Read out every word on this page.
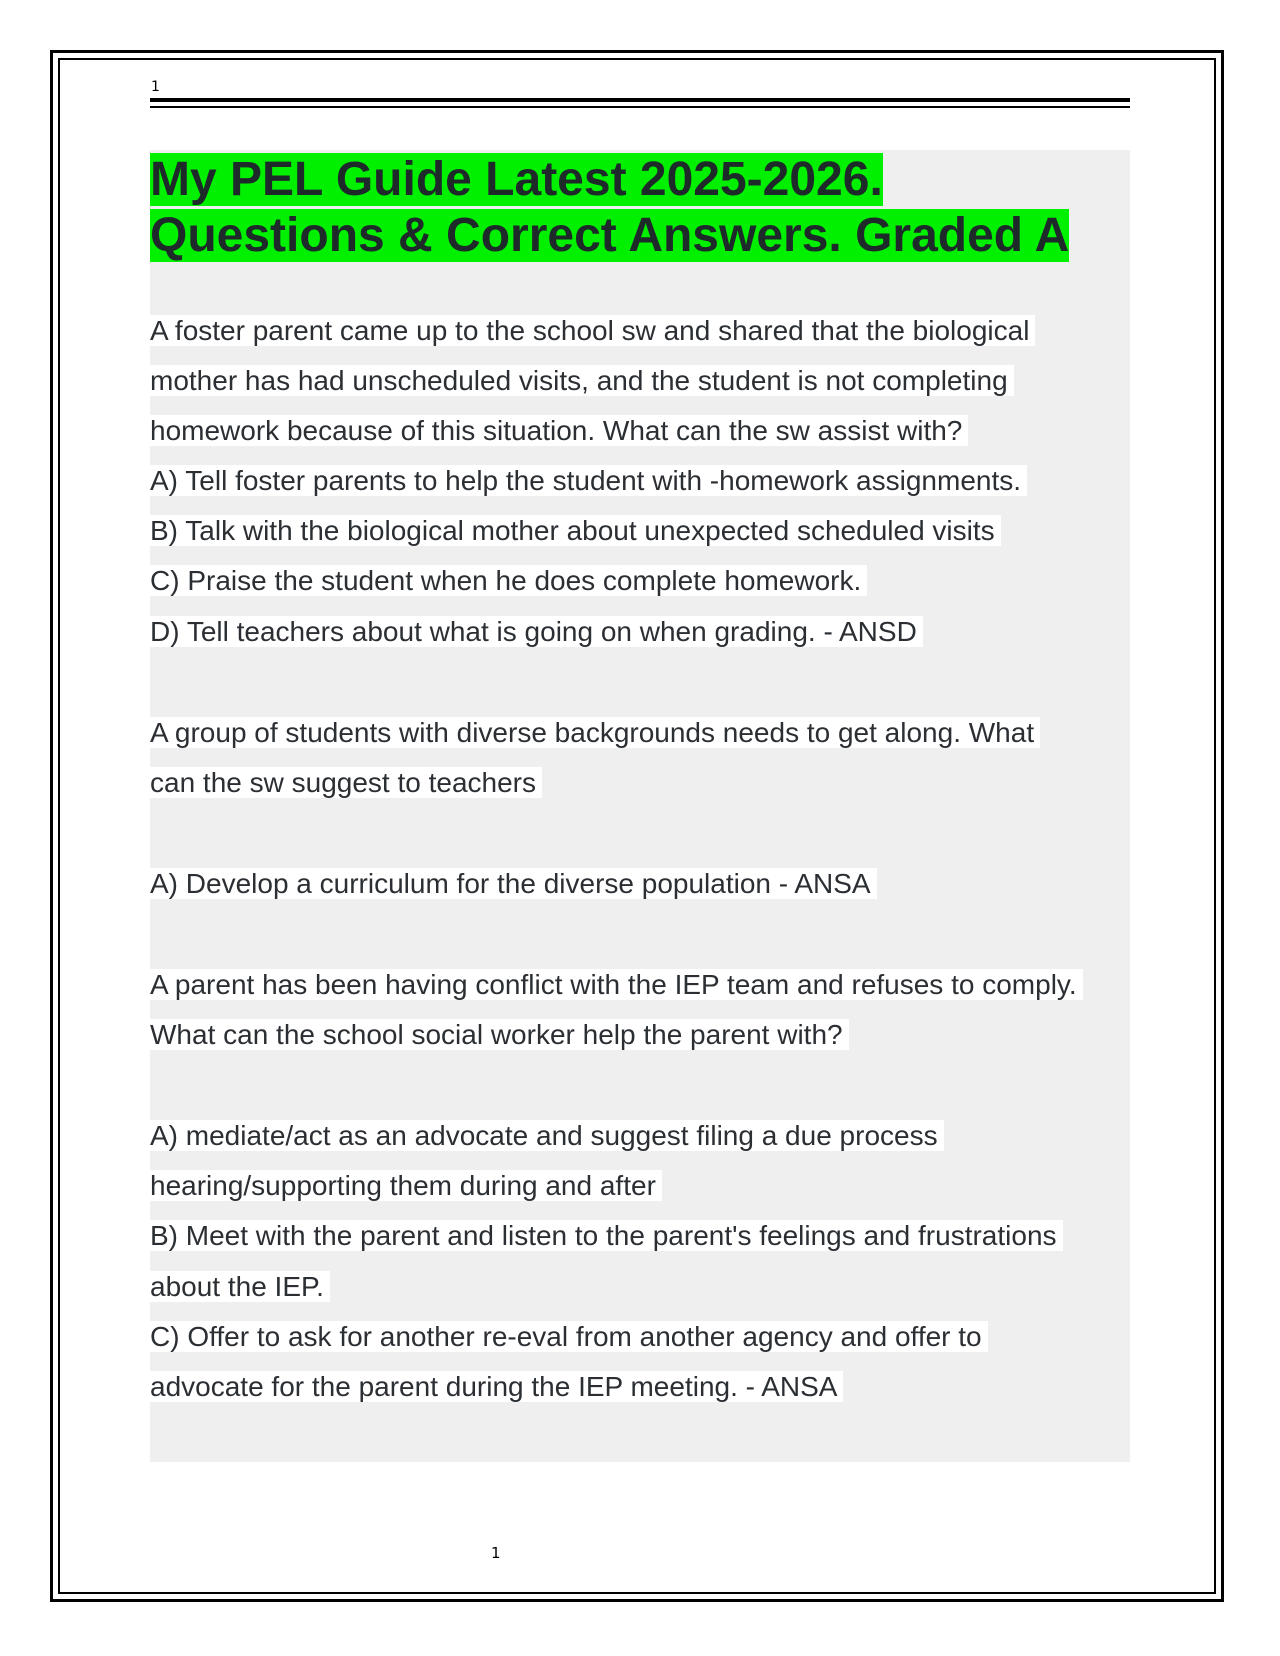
1
My PEL Guide Latest 2025-2026.
Questions & Correct Answers. Graded A

A foster parent came up to the school sw and shared that the biological

mother has had unscheduled visits, and the student is not completing

homework because of this situation. What can the sw assist with?

A) Tell foster parents to help the student with -homework assignments.

B) Talk with the biological mother about unexpected scheduled visits

C) Praise the student when he does complete homework.

D) Tell teachers about what is going on when grading. - ANSD

A group of students with diverse backgrounds needs to get along. What

can the sw suggest to teachers

A) Develop a curriculum for the diverse population - ANSA

A parent has been having conflict with the IEP team and refuses to comply.

What can the school social worker help the parent with?

A) mediate/act as an advocate and suggest filing a due process

hearing/supporting them during and after

B) Meet with the parent and listen to the parent's feelings and frustrations

about the IEP.

C) Offer to ask for another re-eval from another agency and offer to

advocate for the parent during the IEP meeting. - ANSA

1
